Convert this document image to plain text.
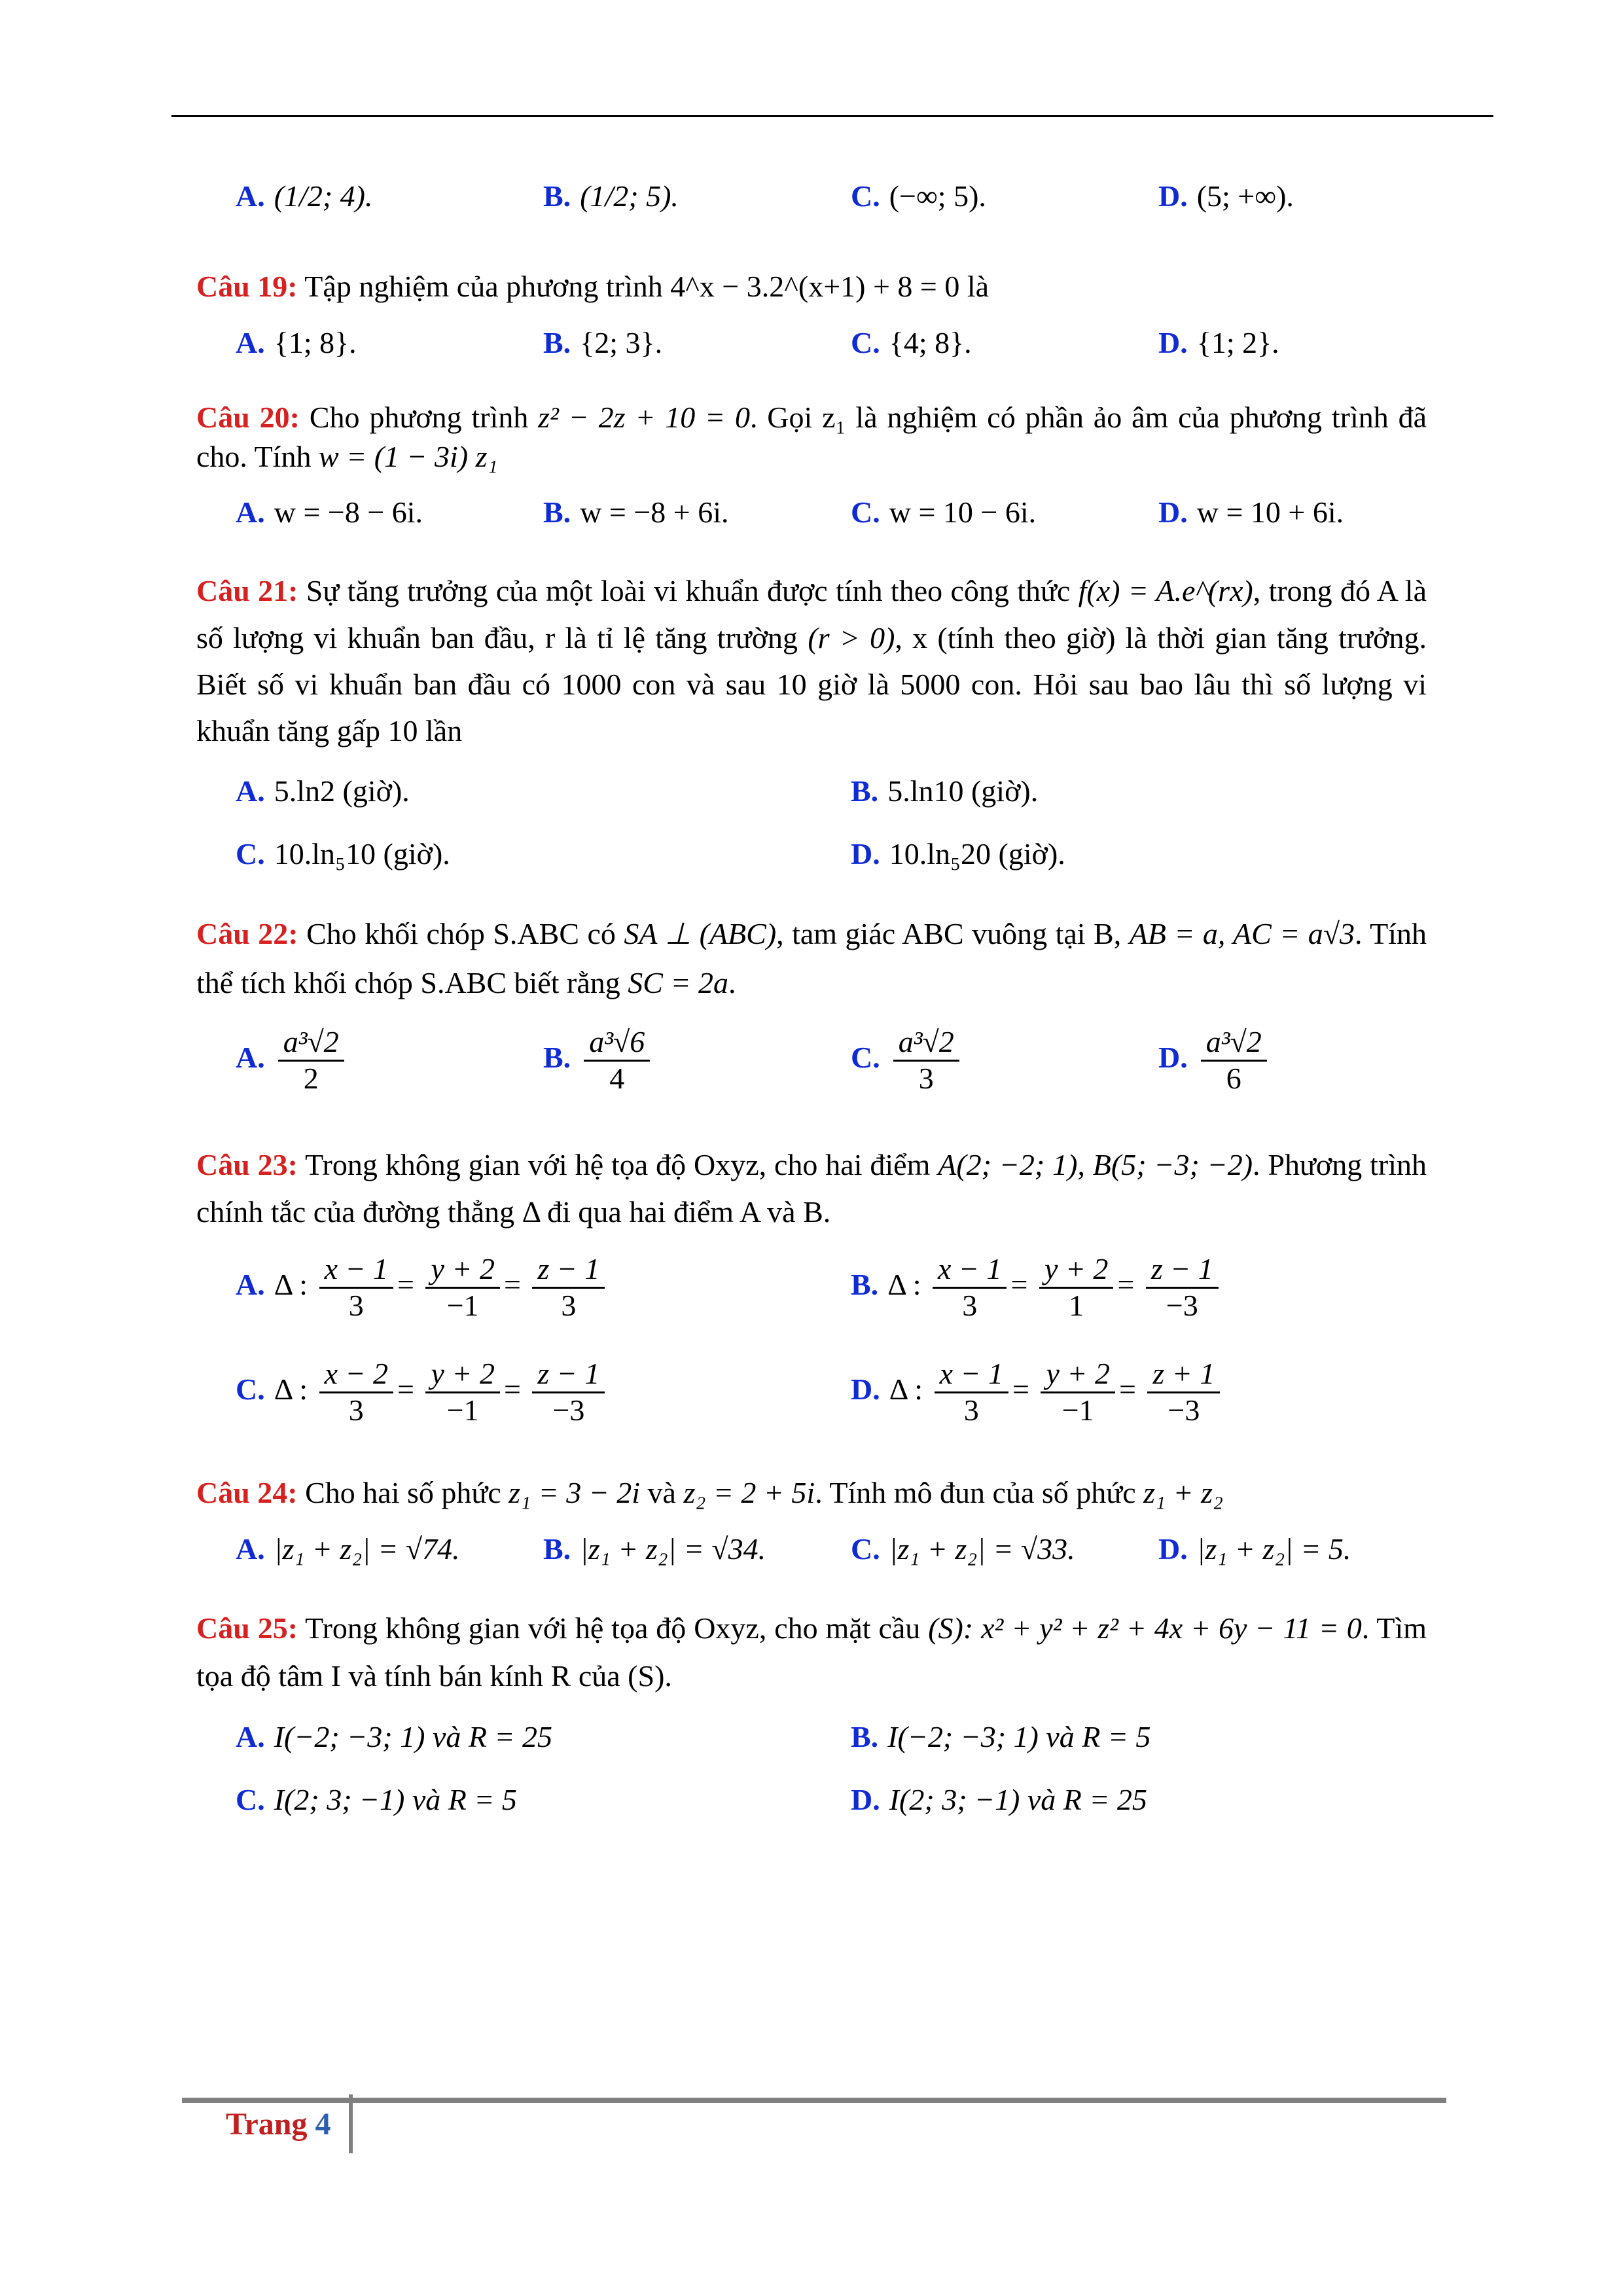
A. (1/2; 4).	B. (1/2; 5).	C. (−∞; 5).	D. (5; +∞).
Câu 19: Tập nghiệm của phương trình 4^x − 3.2^(x+1) + 8 = 0 là
A. {1; 8}.	B. {2; 3}.	C. {4; 8}.	D. {1; 2}.
Câu 20: Cho phương trình z² − 2z + 10 = 0. Gọi z₁ là nghiệm có phần ảo âm của phương trình đã cho. Tính w = (1 − 3i) z₁
A. w = −8 − 6i.	B. w = −8 + 6i.	C. w = 10 − 6i.	D. w = 10 + 6i.
Câu 21: Sự tăng trưởng của một loài vi khuẩn được tính theo công thức f(x) = A.e^(rx), trong đó A là số lượng vi khuẩn ban đầu, r là tỉ lệ tăng trường (r > 0), x (tính theo giờ) là thời gian tăng trưởng. Biết số vi khuẩn ban đầu có 1000 con và sau 10 giờ là 5000 con. Hỏi sau bao lâu thì số lượng vi khuẩn tăng gấp 10 lần
A. 5.ln2 (giờ).	B. 5.ln10 (giờ).
C. 10.ln₅10 (giờ).	D. 10.ln₅20 (giờ).
Câu 22: Cho khối chóp S.ABC có SA ⊥ (ABC), tam giác ABC vuông tại B, AB = a, AC = a√3. Tính thể tích khối chóp S.ABC biết rằng SC = 2a.
A. $\frac{\text{a³√2}}{2}$	B. $\frac{\text{a³√6}}{4}$	C. $\frac{\text{a³√2}}{3}$	D. $\frac{\text{a³√2}}{6}$
Câu 23: Trong không gian với hệ tọa độ Oxyz, cho hai điểm A(2; −2; 1), B(5; −3; −2). Phương trình chính tắc của đường thẳng Δ đi qua hai điểm A và B.
A. Δ : $\frac{x - 1}{3} = \frac{y + 2}{-1} = \frac{z - 1}{3}$	B. Δ : $\frac{x - 1}{3} = \frac{y + 2}{1} = \frac{z - 1}{-3}$
C. Δ : $\frac{x - 2}{3} = \frac{y + 2}{-1} = \frac{z - 1}{-3}$	D. Δ : $\frac{x - 1}{3} = \frac{y + 2}{-1} = \frac{z + 1}{-3}$
Câu 24: Cho hai số phức z₁ = 3 − 2i và z₂ = 2 + 5i. Tính mô đun của số phức z₁ + z₂
A. |z₁ + z₂| = √74.	B. |z₁ + z₂| = √34.	C. |z₁ + z₂| = √33.	D. |z₁ + z₂| = 5.
Câu 25: Trong không gian với hệ tọa độ Oxyz, cho mặt cầu (S): x² + y² + z² + 4x + 6y − 11 = 0. Tìm tọa độ tâm I và tính bán kính R của (S).
A. I(−2; −3; 1) và R = 25	B. I(−2; −3; 1) và R = 5
C. I(2; 3; −1) và R = 5	D. I(2; 3; −1) và R = 25
Trang 4
